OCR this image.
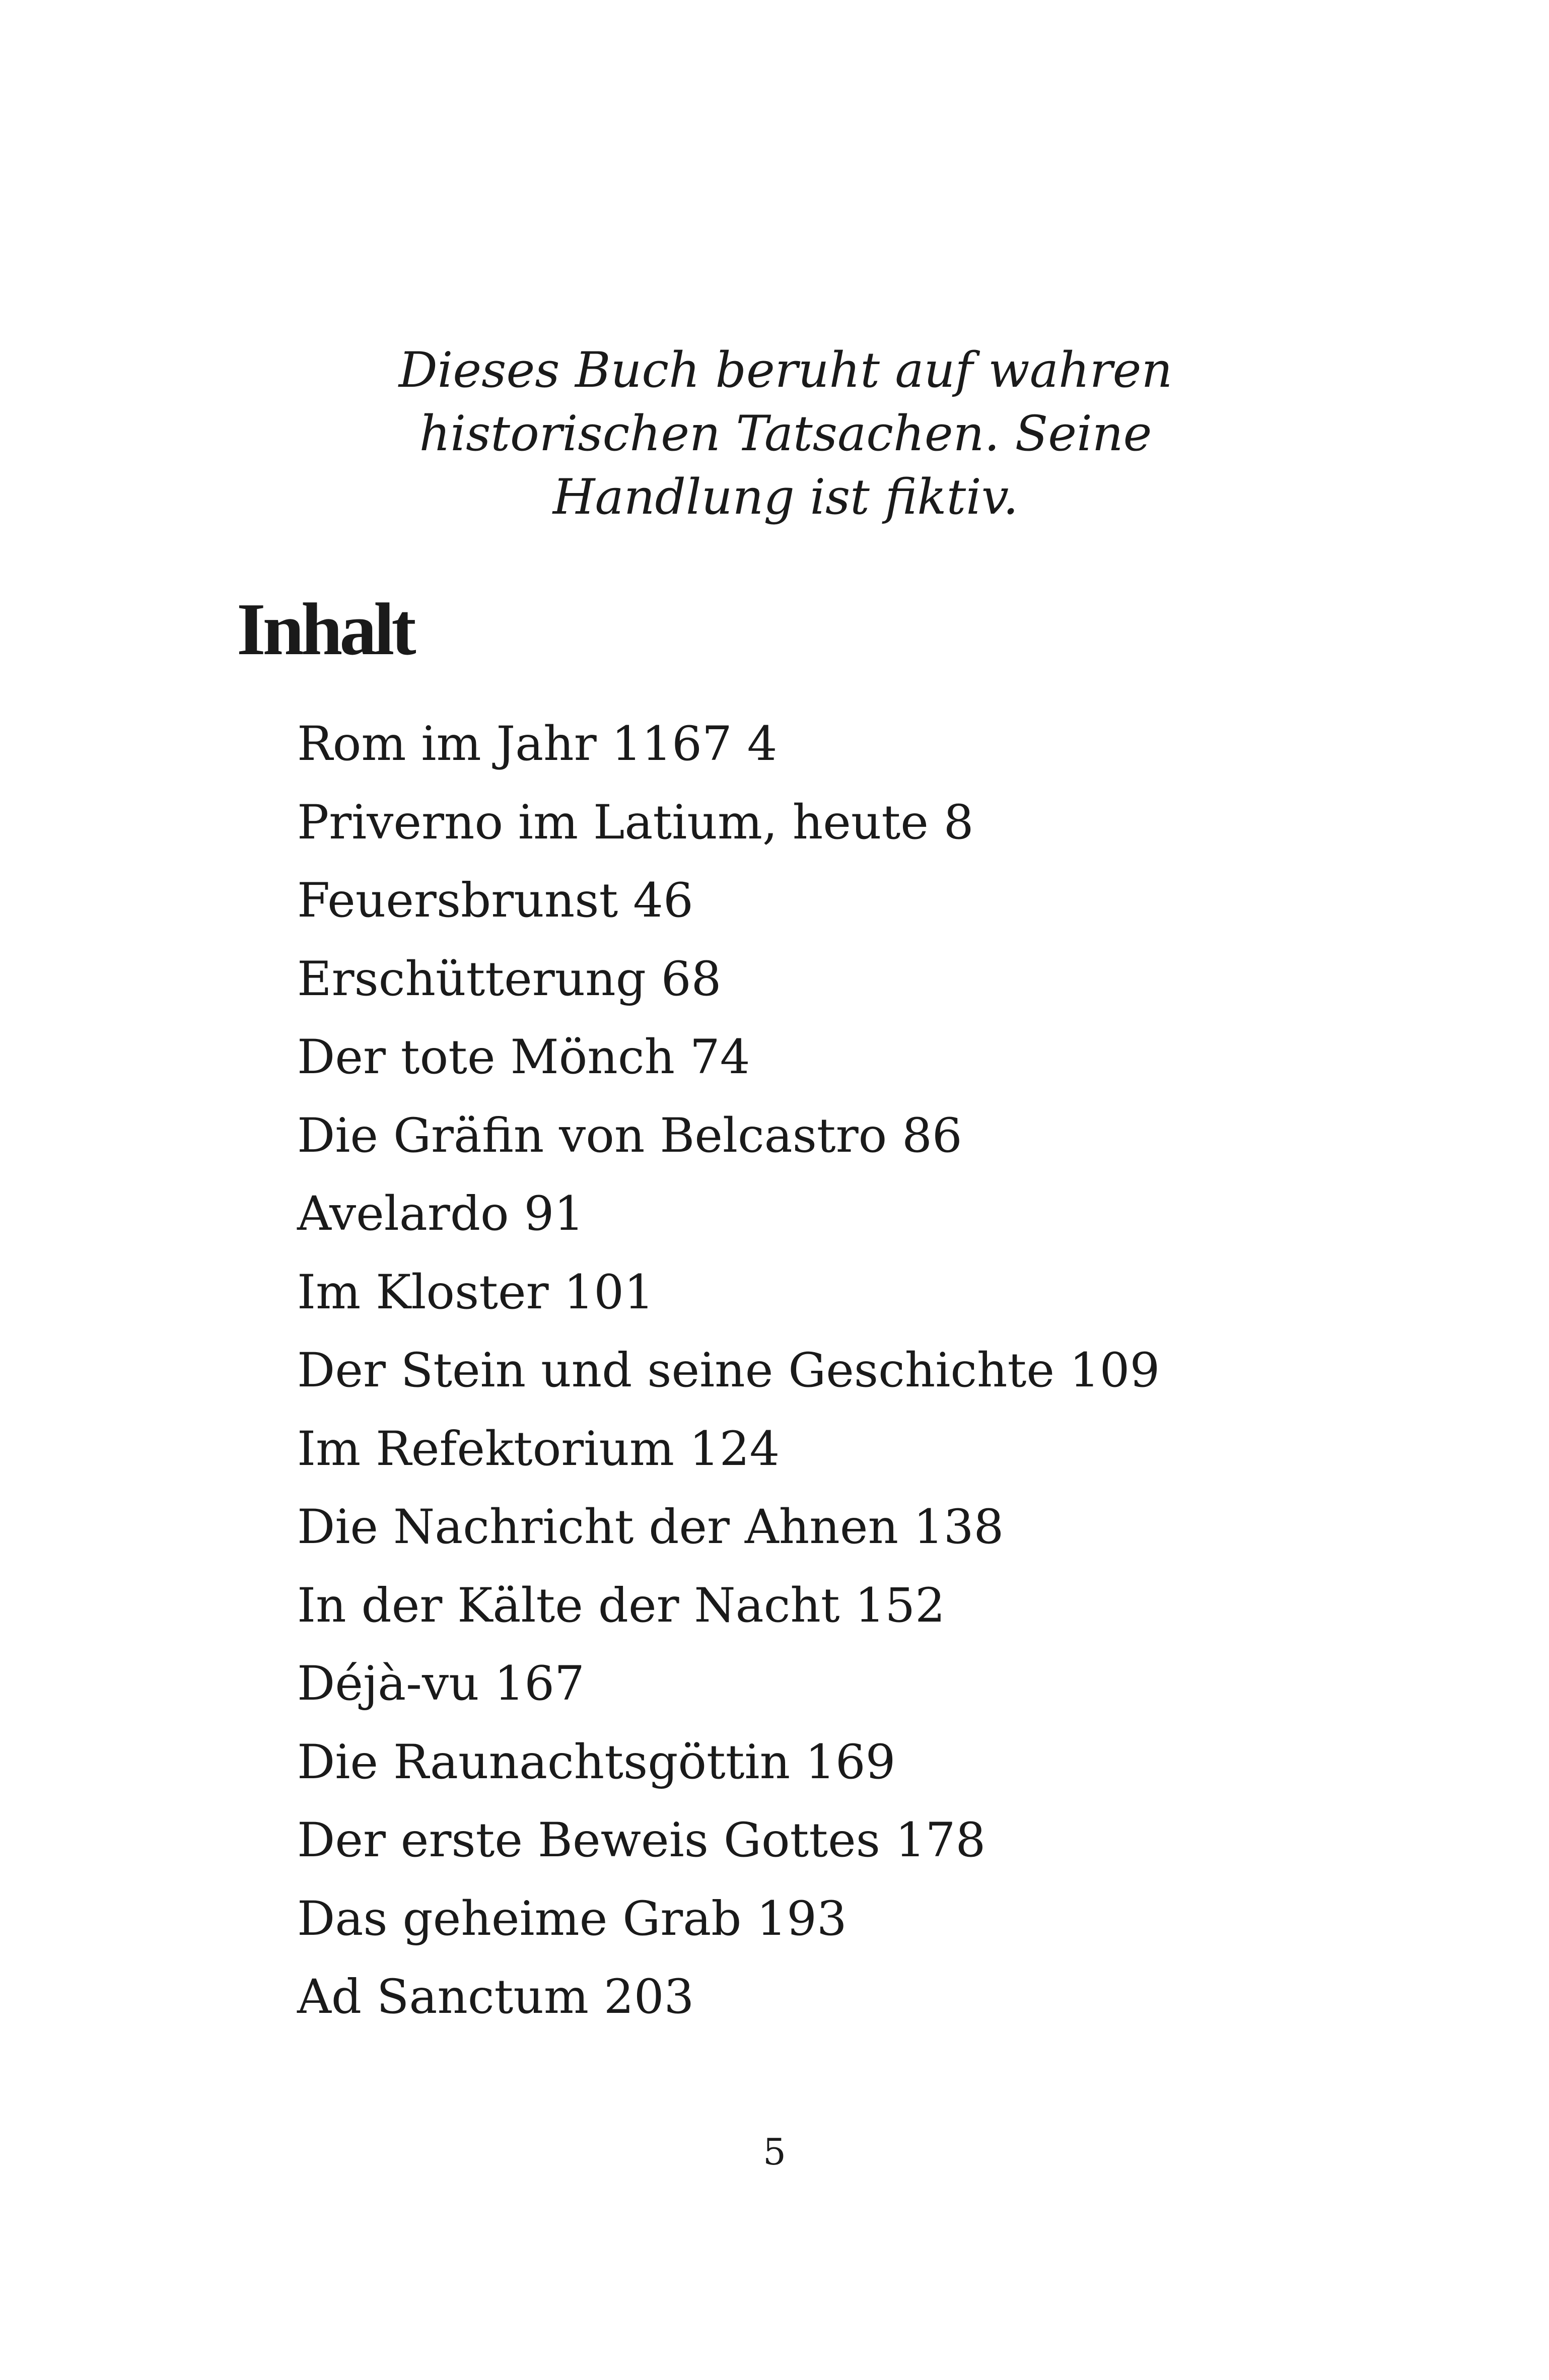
Dieses Buch beruht auf wahren
historischen Tatsachen. Seine
Handlung ist fiktiv.
Inhalt
Rom im Jahr 1167 4
Priverno im Latium, heute 8
Feuersbrunst 46
Erschütterung 68
Der tote Mönch 74
Die Gräfin von Belcastro 86
Avelardo 91
Im Kloster 101
Der Stein und seine Geschichte 109
Im Refektorium 124
Die Nachricht der Ahnen 138
In der Kälte der Nacht 152
Déjà-vu 167
Die Raunachtsgöttin 169
Der erste Beweis Gottes 178
Das geheime Grab 193
Ad Sanctum 203
5
